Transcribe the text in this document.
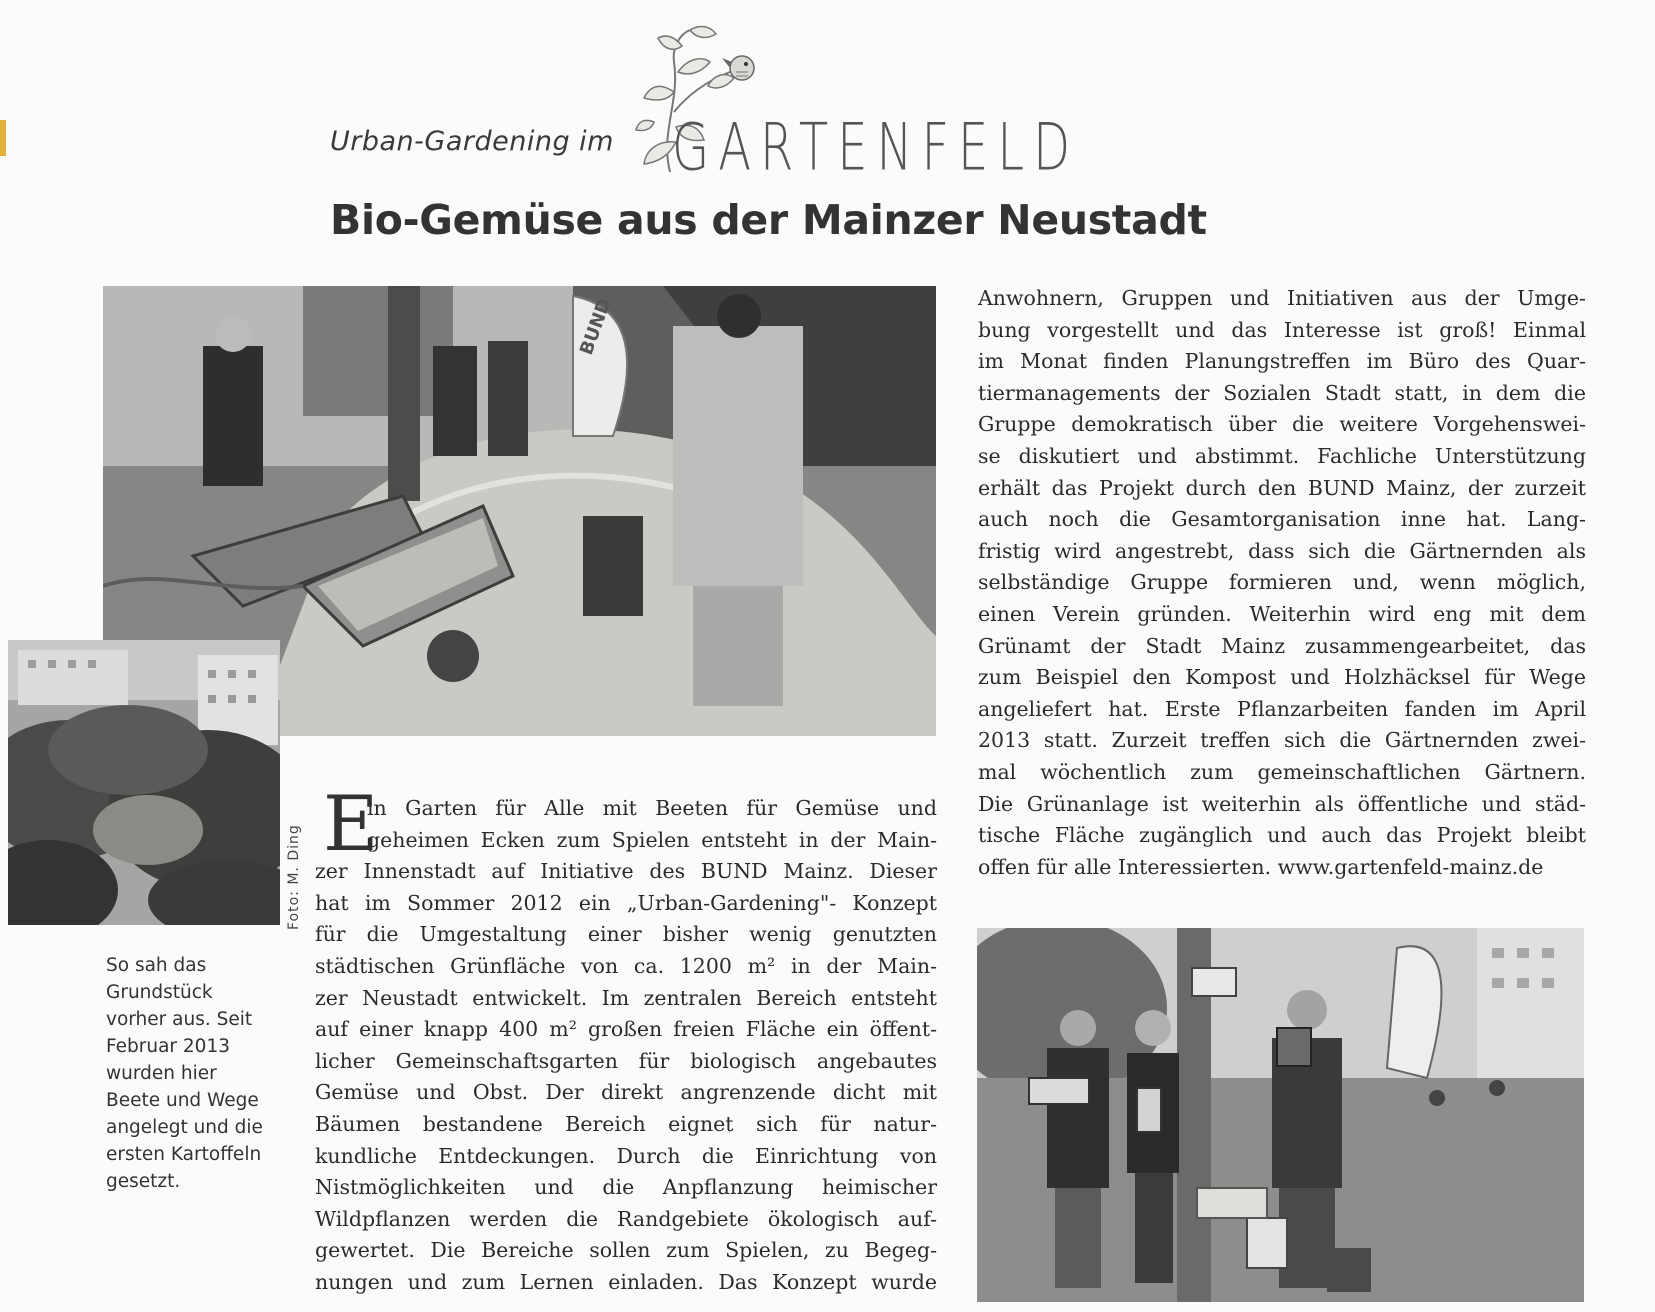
Urban-Gardening im GARTENFELD
Bio-Gemüse aus der Mainzer Neustadt
BUND
Foto: M. Ding
So sah das
Grundstück
vorher aus. Seit
Februar 2013
wurden hier
Beete und Wege
angelegt und die
ersten Kartoffeln
gesetzt.
E
in Garten für Alle mit Beeten für Gemüse und
geheimen Ecken zum Spielen entsteht in der Main-
zer Innenstadt auf Initiative des BUND Mainz. Dieser
hat im Sommer 2012 ein „Urban-Gardening"- Konzept
für die Umgestaltung einer bisher wenig genutzten
städtischen Grünfläche von ca. 1200 m² in der Main-
zer Neustadt entwickelt. Im zentralen Bereich entsteht
auf einer knapp 400 m² großen freien Fläche ein öffent-
licher Gemeinschaftsgarten für biologisch angebautes
Gemüse und Obst. Der direkt angrenzende dicht mit
Bäumen bestandene Bereich eignet sich für natur-
kundliche Entdeckungen. Durch die Einrichtung von
Nistmöglichkeiten und die Anpflanzung heimischer
Wildpflanzen werden die Randgebiete ökologisch auf-
gewertet. Die Bereiche sollen zum Spielen, zu Begeg-
nungen und zum Lernen einladen. Das Konzept wurde
Anwohnern, Gruppen und Initiativen aus der Umge-
bung vorgestellt und das Interesse ist groß! Einmal
im Monat finden Planungstreffen im Büro des Quar-
tiermanagements der Sozialen Stadt statt, in dem die
Gruppe demokratisch über die weitere Vorgehenswei-
se diskutiert und abstimmt. Fachliche Unterstützung
erhält das Projekt durch den BUND Mainz, der zurzeit
auch noch die Gesamtorganisation inne hat. Lang-
fristig wird angestrebt, dass sich die Gärtnernden als
selbständige Gruppe formieren und, wenn möglich,
einen Verein gründen. Weiterhin wird eng mit dem
Grünamt der Stadt Mainz zusammengearbeitet, das
zum Beispiel den Kompost und Holzhäcksel für Wege
angeliefert hat. Erste Pflanzarbeiten fanden im April
2013 statt. Zurzeit treffen sich die Gärtnernden zwei-
mal wöchentlich zum gemeinschaftlichen Gärtnern.
Die Grünanlage ist weiterhin als öffentliche und städ-
tische Fläche zugänglich und auch das Projekt bleibt
offen für alle Interessierten. www.gartenfeld-mainz.de
